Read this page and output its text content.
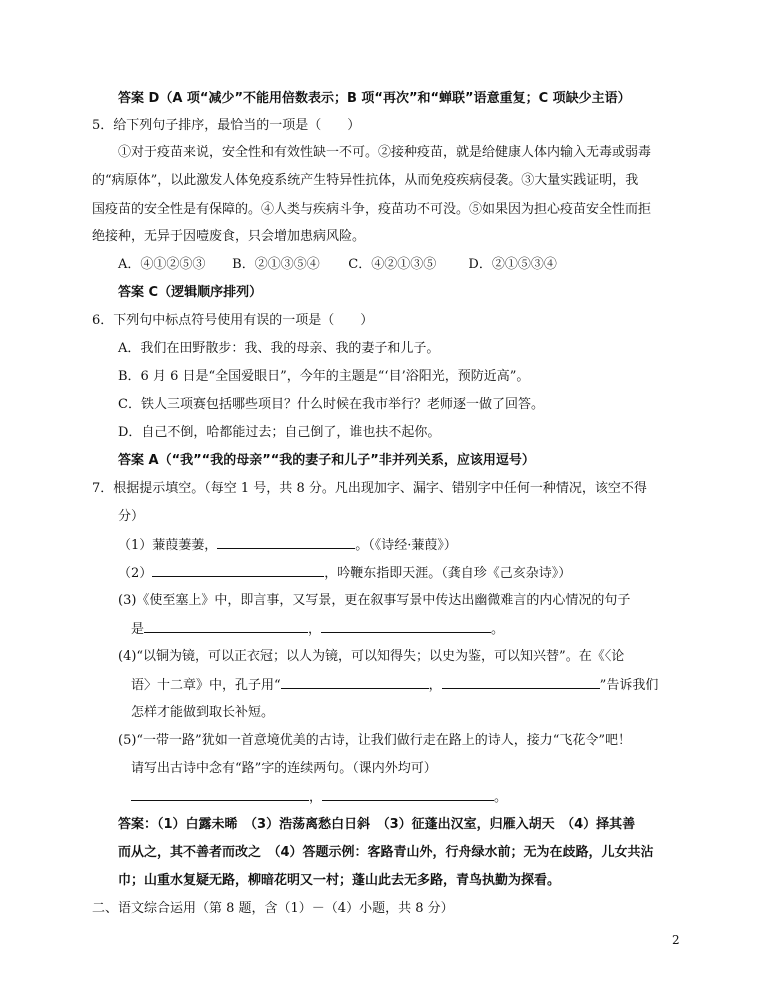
答案 D（A 项“减少”不能用倍数表示；B 项“再次”和“蝉联”语意重复；C 项缺少主语）
5．给下列句子排序，最恰当的一项是（　　）
①对于疫苗来说，安全性和有效性缺一不可。②接种疫苗，就是给健康人体内输入无毒或弱毒
的“病原体”，以此激发人体免疫系统产生特异性抗体，从而免疫疾病侵袭。③大量实践证明，我
国疫苗的安全性是有保障的。④人类与疾病斗争，疫苗功不可没。⑤如果因为担心疫苗安全性而拒
绝接种，无异于因噎废食，只会增加患病风险。
A．④①②⑤③ B．②①③⑤④ C．④②①③⑤ D．②①⑤③④
答案 C（逻辑顺序排列）
6．下列句中标点符号使用有误的一项是（　　）
A．我们在田野散步：我、我的母亲、我的妻子和儿子。
B．6 月 6 日是“全国爱眼日”，今年的主题是“‘目’浴阳光，预防近高”。
C．铁人三项赛包括哪些项目？什么时候在我市举行？老师逐一做了回答。
D．自己不倒，哈都能过去；自己倒了，谁也扶不起你。
答案 A（“我”“我的母亲”“我的妻子和儿子”非并列关系，应该用逗号）
7．根据提示填空。（每空 1 号，共 8 分。凡出现加字、漏字、错别字中任何一种情况，该空不得
分）
（1）蒹葭萋萋，	。（《诗经·蒹葭》）
（2）	，吟鞭东指即天涯。（龚自珍《己亥杂诗》）
(3)《使至塞上》中，即言事，又写景，更在叙事写景中传达出幽微难言的内心情况的句子
是	，	。
(4)“以铜为镜，可以正衣冠；以人为镜，可以知得失；以史为鉴，可以知兴替”。在《〈论
语〉十二章》中，孔子用“	，	”告诉我们
怎样才能做到取长补短。
(5)“一带一路”犹如一首意境优美的古诗，让我们做行走在路上的诗人，接力“飞花令”吧！
请写出古诗中念有“路”字的连续两句。（课内外均可）
，	。
答案：（1）白露未晞　（3）浩荡离愁白日斜　（3）征蓬出汉室，归雁入胡天　（4）择其善
而从之，其不善者而改之　（4）答题示例：客路青山外，行舟绿水前；无为在歧路，儿女共沾
巾；山重水复疑无路，柳暗花明又一村；蓬山此去无多路，青鸟执勤为探看。
二、语文综合运用（第 8 题，含（1）－（4）小题，共 8 分）
2
